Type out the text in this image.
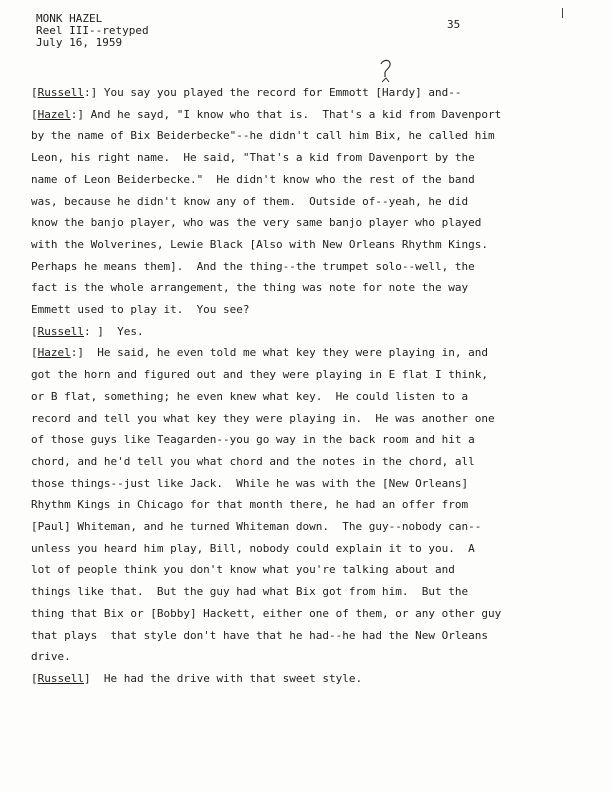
MONK HAZEL
Reel III--retyped
July 16, 1959
35
[Russell:] You say you played the record for Emmott [Hardy] and--
[Hazel:] And he sayd, "I know who that is.  That's a kid from Davenport
by the name of Bix Beiderbecke"--he didn't call him Bix, he called him
Leon, his right name.  He said, "That's a kid from Davenport by the
name of Leon Beiderbecke."  He didn't know who the rest of the band
was, because he didn't know any of them.  Outside of--yeah, he did
know the banjo player, who was the very same banjo player who played
with the Wolverines, Lewie Black [Also with New Orleans Rhythm Kings.
Perhaps he means them].  And the thing--the trumpet solo--well, the
fact is the whole arrangement, the thing was note for note the way
Emmett used to play it.  You see?
[Russell: ]  Yes.
[Hazel:]  He said, he even told me what key they were playing in, and
got the horn and figured out and they were playing in E flat I think,
or B flat, something; he even knew what key.  He could listen to a
record and tell you what key they were playing in.  He was another one
of those guys like Teagarden--you go way in the back room and hit a
chord, and he'd tell you what chord and the notes in the chord, all
those things--just like Jack.  While he was with the [New Orleans]
Rhythm Kings in Chicago for that month there, he had an offer from
[Paul] Whiteman, and he turned Whiteman down.  The guy--nobody can--
unless you heard him play, Bill, nobody could explain it to you.  A
lot of people think you don't know what you're talking about and
things like that.  But the guy had what Bix got from him.  But the
thing that Bix or [Bobby] Hackett, either one of them, or any other guy
that plays  that style don't have that he had--he had the New Orleans
drive.
[Russell]  He had the drive with that sweet style.
